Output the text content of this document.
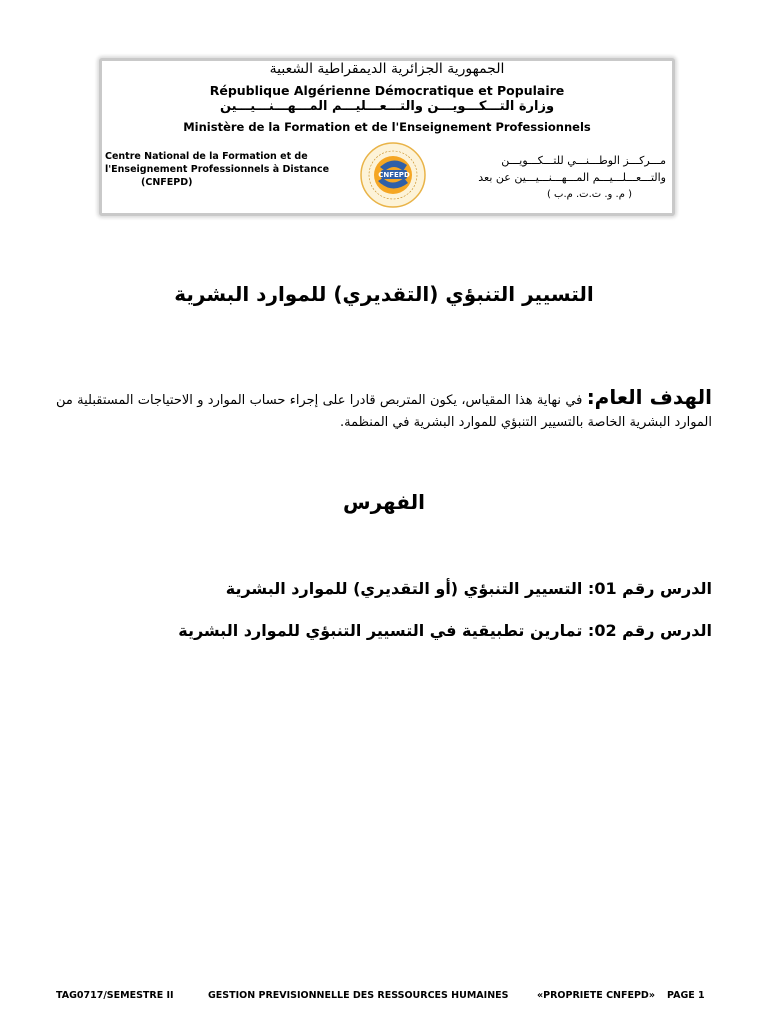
الجمهورية الجزائرية الديمقراطية الشعبية
République Algérienne Démocratique et Populaire
وزارة التـــكـــويـــن والتـــعـــليـــم المـــهـــنـــيـــين
Ministère de la Formation et de l'Enseignement Professionnels
Centre National de la Formation et de
l'Enseignement Professionnels à Distance
(CNFEPD)
CNFEPD
مـــركـــز الوطـــنـــي للتـــكـــويـــن
والتـــعـــلـــيـــم المـــهـــنـــيـــين عن بعد
( م. و. ت.ت. م.ب )
التسيير التنبؤي (التقديري) للموارد البشرية
الهدف العام: في نهاية هذا المقياس، يكون المتربص قادرا على إجراء حساب الموارد و الاحتياجات المستقبلية من الموارد البشرية الخاصة بالتسيير التنبؤي للموارد البشرية في المنظمة.
الفهرس
الدرس رقم 01: التسيير التنبؤي (أو التقديري) للموارد البشرية
الدرس رقم 02: تمارين تطبيقية في التسيير التنبؤي للموارد البشرية
TAG0717/SEMESTRE II	GESTION PREVISIONNELLE DES RESSOURCES HUMAINES	«PROPRIETE CNFEPD» PAGE 1
